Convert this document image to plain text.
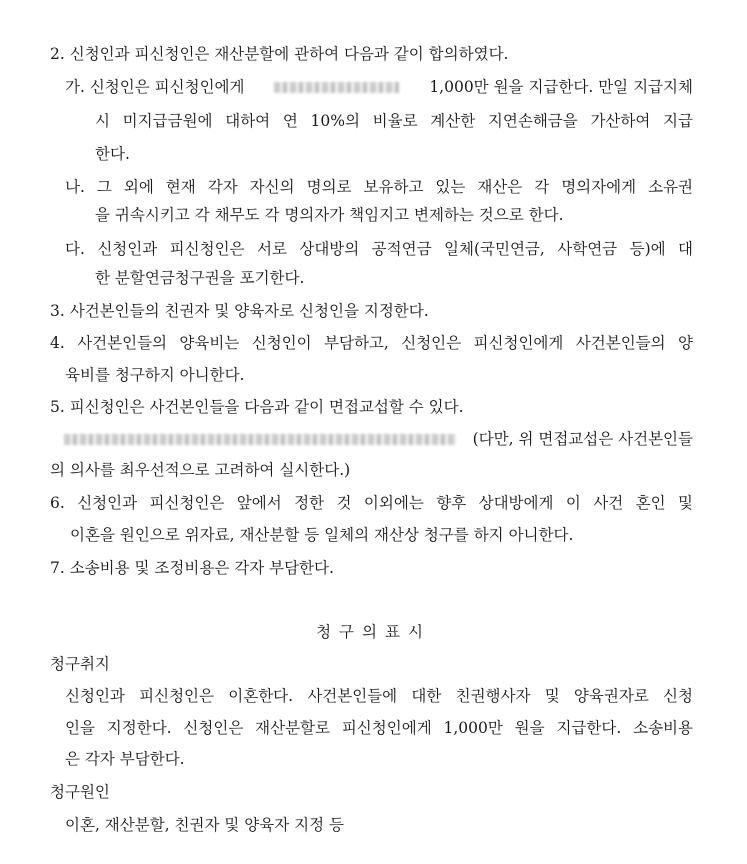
2. 신청인과 피신청인은 재산분할에 관하여 다음과 같이 합의하였다.
가. 신청인은 피신청인에게	1,000만 원을 지급한다. 만일 지급지체
시 미지급금원에 대하여 연 10%의 비율로 계산한 지연손해금을 가산하여 지급
한다.
나. 그 외에 현재 각자 자신의 명의로 보유하고 있는 재산은 각 명의자에게 소유권
을 귀속시키고 각 채무도 각 명의자가 책임지고 변제하는 것으로 한다.
다. 신청인과 피신청인은 서로 상대방의 공적연금 일체(국민연금, 사학연금 등)에 대
한 분할연금청구권을 포기한다.
3. 사건본인들의 친권자 및 양육자로 신청인을 지정한다.
4. 사건본인들의 양육비는 신청인이 부담하고, 신청인은 피신청인에게 사건본인들의 양
육비를 청구하지 아니한다.
5. 피신청인은 사건본인들을 다음과 같이 면접교섭할 수 있다.
(다만, 위 면접교섭은 사건본인들
의 의사를 최우선적으로 고려하여 실시한다.)
6. 신청인과 피신청인은 앞에서 정한 것 이외에는 향후 상대방에게 이 사건 혼인 및
이혼을 원인으로 위자료, 재산분할 등 일체의 재산상 청구를 하지 아니한다.
7. 소송비용 및 조정비용은 각자 부담한다.
청구의표시
청구취지
신청인과 피신청인은 이혼한다. 사건본인들에 대한 친권행사자 및 양육권자로 신청
인을 지정한다. 신청인은 재산분할로 피신청인에게 1,000만 원을 지급한다. 소송비용
은 각자 부담한다.
청구원인
이혼, 재산분할, 친권자 및 양육자 지정 등
